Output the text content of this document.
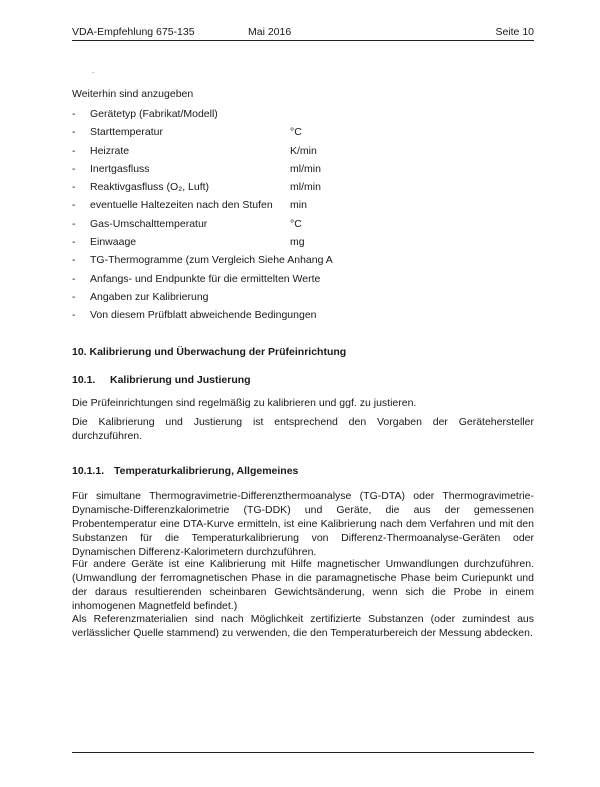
VDA-Empfehlung 675-135	Mai 2016	Seite 10
.
Weiterhin sind anzugeben
- Gerätetyp (Fabrikat/Modell)
- Starttemperatur	°C
- Heizrate	K/min
- Inertgasfluss	ml/min
- Reaktivgasfluss (O₂, Luft)	ml/min
- eventuelle Haltezeiten nach den Stufen min
- Gas-Umschalttemperatur	°C
- Einwaage	mg
- TG-Thermogramme (zum Vergleich Siehe Anhang A
- Anfangs- und Endpunkte für die ermittelten Werte
- Angaben zur Kalibrierung
- Von diesem Prüfblatt abweichende Bedingungen
10. Kalibrierung und Überwachung der Prüfeinrichtung
10.1. Kalibrierung und Justierung

Die Prüfeinrichtungen sind regelmäßig zu kalibrieren und ggf. zu justieren.

Die Kalibrierung und Justierung ist entsprechend den Vorgaben der Gerätehersteller durchzuführen.

10.1.1. Temperaturkalibrierung, Allgemeines

Für simultane Thermogravimetrie-Differenzthermoanalyse (TG-DTA) oder Thermogravimetrie-Dynamische-Differenzkalorimetrie (TG-DDK) und Geräte, die aus der gemessenen Probentemperatur eine DTA-Kurve ermitteln, ist eine Kalibrierung nach dem Verfahren und mit den Substanzen für die Temperaturkalibrierung von Differenz-Thermoanalyse-Geräten oder Dynamischen Differenz-Kalorimetern durchzuführen.

Für andere Geräte ist eine Kalibrierung mit Hilfe magnetischer Umwandlungen durchzuführen. (Umwandlung der ferromagnetischen Phase in die paramagnetische Phase beim Curiepunkt und der daraus resultierenden scheinbaren Gewichtsänderung, wenn sich die Probe in einem inhomogenen Magnetfeld befindet.)

Als Referenzmaterialien sind nach Möglichkeit zertifizierte Substanzen (oder zumindest aus verlässlicher Quelle stammend) zu verwenden, die den Temperaturbereich der Messung abdecken.
